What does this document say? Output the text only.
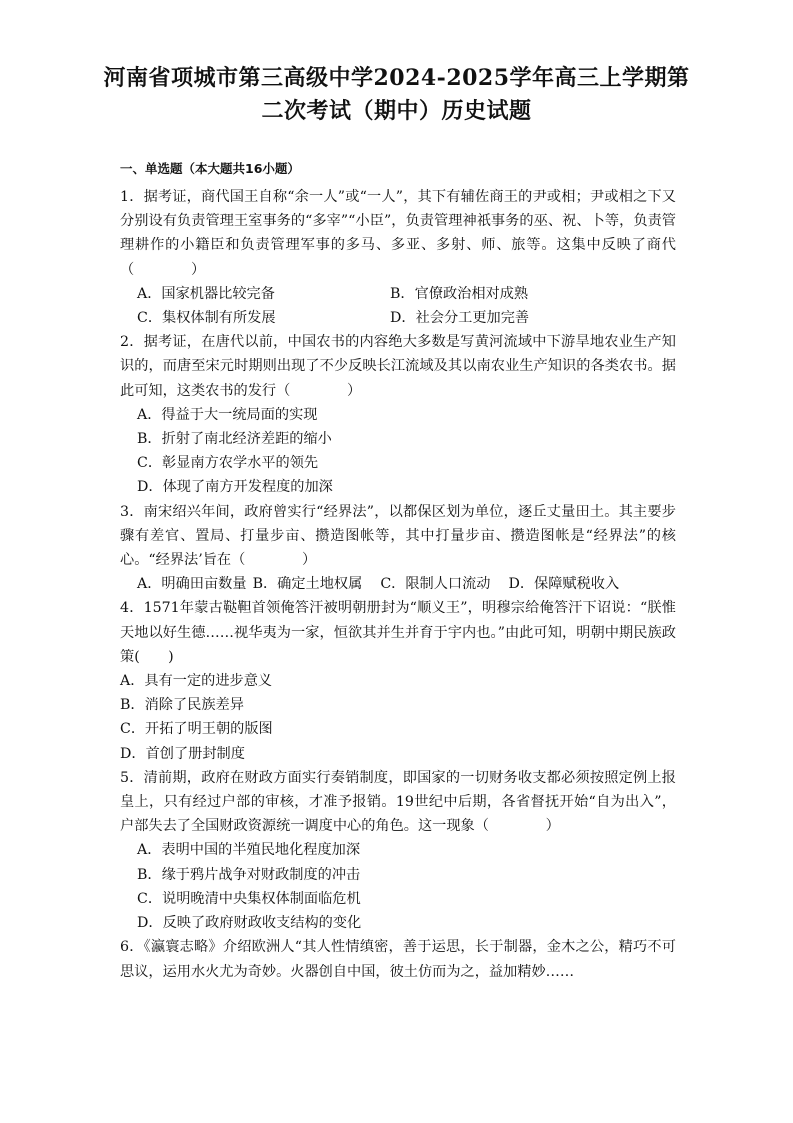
河南省项城市第三高级中学2024-2025学年高三上学期第
二次考试（期中）历史试题
一、单选题（本大题共16小题）

1．据考证，商代国王自称“余一人”或“一人”，其下有辅佐商王的尹或相；尹或相之下又分别设有负责管理王室事务的“多宰”“小臣”，负责管理神祇事务的巫、祝、卜等，负责管理耕作的小籍臣和负责管理军事的多马、多亚、多射、师、旅等。这集中反映了商代（　　　　）

A．国家机器比较完备	B．官僚政治相对成熟
C．集权体制有所发展	D．社会分工更加完善

2．据考证，在唐代以前，中国农书的内容绝大多数是写黄河流域中下游旱地农业生产知识的，而唐至宋元时期则出现了不少反映长江流域及其以南农业生产知识的各类农书。据此可知，这类农书的发行（　　　　）

A．得益于大一统局面的实现
B．折射了南北经济差距的缩小
C．彰显南方农学水平的领先
D．体现了南方开发程度的加深

3．南宋绍兴年间，政府曾实行“经界法”，以都保区划为单位，逐丘丈量田土。其主要步骤有差官、置局、打量步亩、攒造图帐等，其中打量步亩、攒造图帐是“经界法”的核心。“经界法’旨在（　　　　）

A．明确田亩数量 B．确定土地权属 C．限制人口流动 D．保障赋税收入

4．1571年蒙古鞑靼首领俺答汗被明朝册封为“顺义王”，明穆宗给俺答汗下诏说：“朕惟天地以好生德……视华夷为一家，恒欲其并生并育于宇内也。”由此可知，明朝中期民族政策(　　)

A．具有一定的进步意义
B．消除了民族差异
C．开拓了明王朝的版图
D．首创了册封制度

5．清前期，政府在财政方面实行奏销制度，即国家的一切财务收支都必须按照定例上报皇上，只有经过户部的审核，才准予报销。19世纪中后期，各省督抚开始“自为出入”，户部失去了全国财政资源统一调度中心的角色。这一现象（　　　　）

A．表明中国的半殖民地化程度加深
B．缘于鸦片战争对财政制度的冲击
C．说明晚清中央集权体制面临危机
D．反映了政府财政收支结构的变化

6．《瀛寰志略》介绍欧洲人“其人性情缜密，善于运思，长于制器，金木之公，精巧不可思议，运用水火尤为奇妙。火器创自中国，彼土仿而为之，益加精妙……
